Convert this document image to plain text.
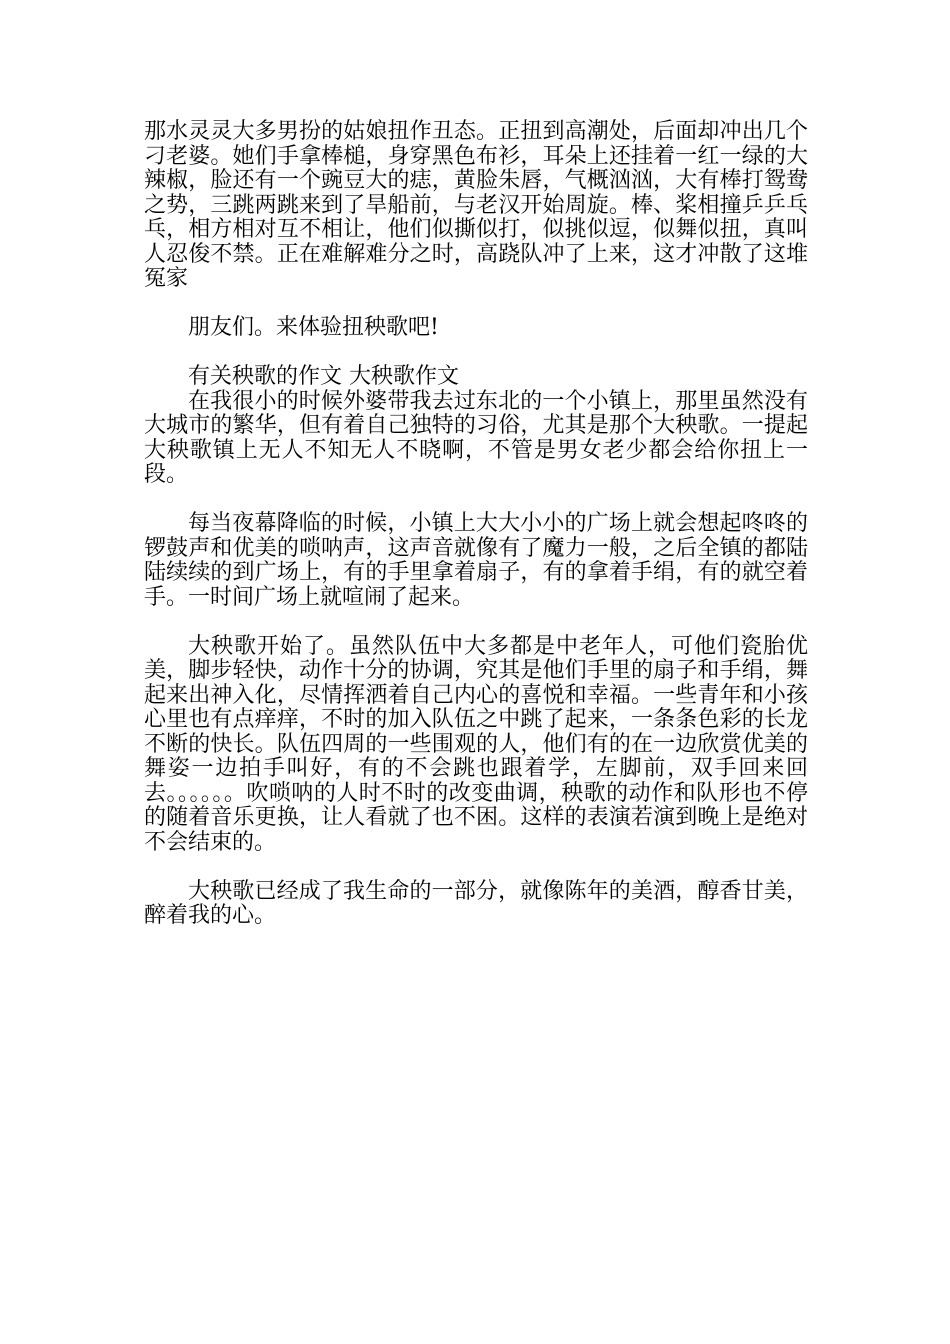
那水灵灵大多男扮的姑娘扭作丑态。正扭到高潮处，后面却冲出几个刁老婆。她们手拿棒槌，身穿黑色布衫，耳朵上还挂着一红一绿的大辣椒，脸还有一个豌豆大的痣，黄脸朱唇，气概汹汹，大有棒打鸳鸯之势，三跳两跳来到了旱船前，与老汉开始周旋。棒、桨相撞乒乒乓乓，相方相对互不相让，他们似撕似打，似挑似逗，似舞似扭，真叫人忍俊不禁。正在难解难分之时，高跷队冲了上来，这才冲散了这堆冤家

朋友们。来体验扭秧歌吧!

有关秧歌的作文 大秧歌作文

在我很小的时候外婆带我去过东北的一个小镇上，那里虽然没有大城市的繁华，但有着自己独特的习俗，尤其是那个大秧歌。一提起大秧歌镇上无人不知无人不晓啊，不管是男女老少都会给你扭上一段。

每当夜幕降临的时候，小镇上大大小小的广场上就会想起咚咚的锣鼓声和优美的唢呐声，这声音就像有了魔力一般，之后全镇的都陆陆续续的到广场上，有的手里拿着扇子，有的拿着手绢，有的就空着手。一时间广场上就喧闹了起来。

大秧歌开始了。虽然队伍中大多都是中老年人，可他们瓷胎优美，脚步轻快，动作十分的协调，究其是他们手里的扇子和手绢，舞起来出神入化，尽情挥洒着自己内心的喜悦和幸福。一些青年和小孩心里也有点痒痒，不时的加入队伍之中跳了起来，一条条色彩的长龙不断的快长。队伍四周的一些围观的人，他们有的在一边欣赏优美的舞姿一边拍手叫好，有的不会跳也跟着学，左脚前，双手回来回去。。。。。。吹唢呐的人时不时的改变曲调，秧歌的动作和队形也不停的随着音乐更换，让人看就了也不困。这样的表演若演到晚上是绝对不会结束的。

大秧歌已经成了我生命的一部分，就像陈年的美酒，醇香甘美，醉着我的心。
